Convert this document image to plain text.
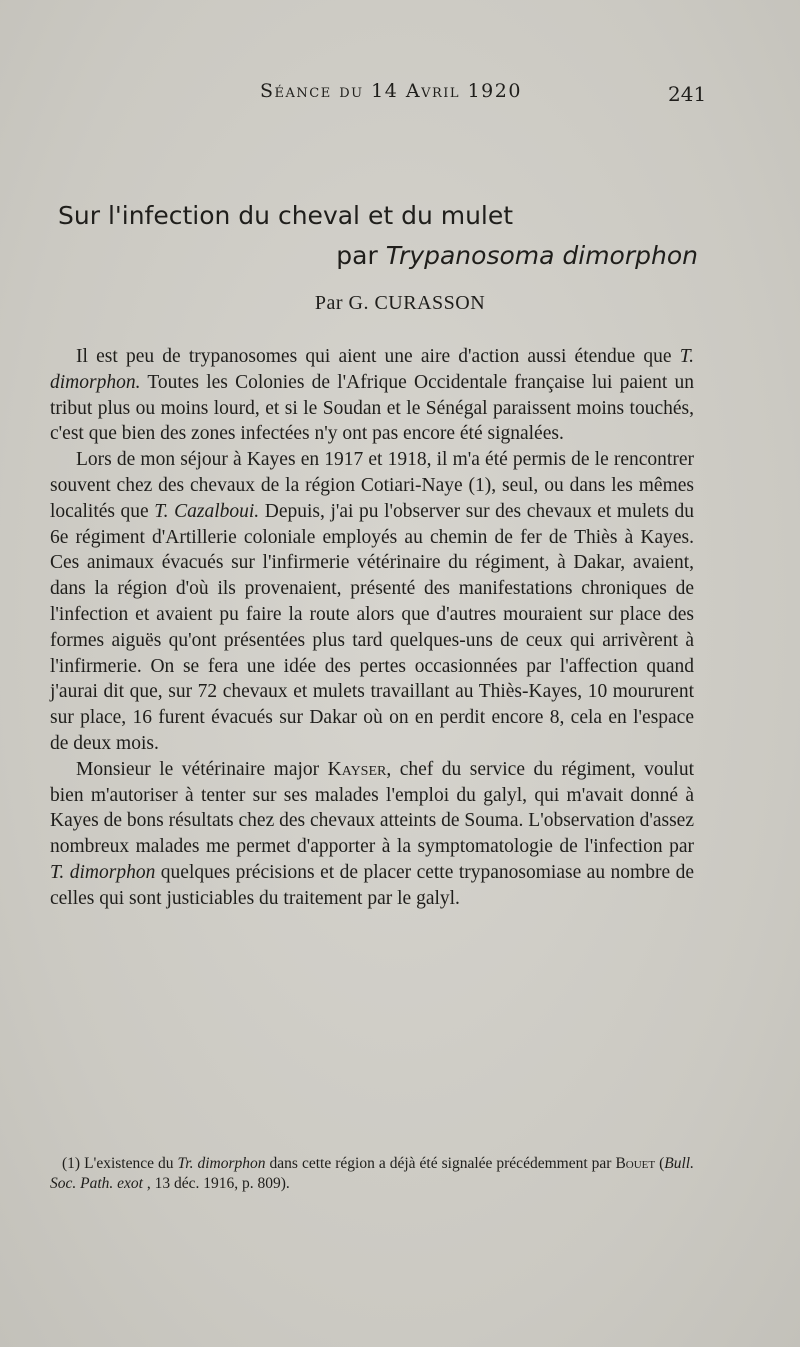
Séance du 14 Avril 1920	241
Sur l'infection du cheval et du mulet
par Trypanosoma dimorphon
Par G. CURASSON

Il est peu de trypanosomes qui aient une aire d'action aussi étendue que T. dimorphon. Toutes les Colonies de l'Afrique Occidentale française lui paient un tribut plus ou moins lourd, et si le Soudan et le Sénégal paraissent moins touchés, c'est que bien des zones infectées n'y ont pas encore été signalées.

Lors de mon séjour à Kayes en 1917 et 1918, il m'a été permis de le rencontrer souvent chez des chevaux de la région Cotiari-Naye (1), seul, ou dans les mêmes localités que T. Cazalboui. Depuis, j'ai pu l'observer sur des chevaux et mulets du 6e régiment d'Artillerie coloniale employés au chemin de fer de Thiès à Kayes. Ces animaux évacués sur l'infirmerie vétérinaire du régiment, à Dakar, avaient, dans la région d'où ils provenaient, présenté des manifestations chroniques de l'infection et avaient pu faire la route alors que d'autres mouraient sur place des formes aiguës qu'ont présentées plus tard quelques-uns de ceux qui arrivèrent à l'infirmerie. On se fera une idée des pertes occasionnées par l'affection quand j'aurai dit que, sur 72 chevaux et mulets travaillant au Thiès-Kayes, 10 moururent sur place, 16 furent évacués sur Dakar où on en perdit encore 8, cela en l'espace de deux mois.

Monsieur le vétérinaire major Kayser, chef du service du régiment, voulut bien m'autoriser à tenter sur ses malades l'emploi du galyl, qui m'avait donné à Kayes de bons résultats chez des chevaux atteints de Souma. L'observation d'assez nombreux malades me permet d'apporter à la symptomatologie de l'infection par T. dimorphon quelques précisions et de placer cette trypanosomiase au nombre de celles qui sont justiciables du traitement par le galyl.

(1) L'existence du Tr. dimorphon dans cette région a déjà été signalée précédemment par Bouet (Bull. Soc. Path. exot , 13 déc. 1916, p. 809).
